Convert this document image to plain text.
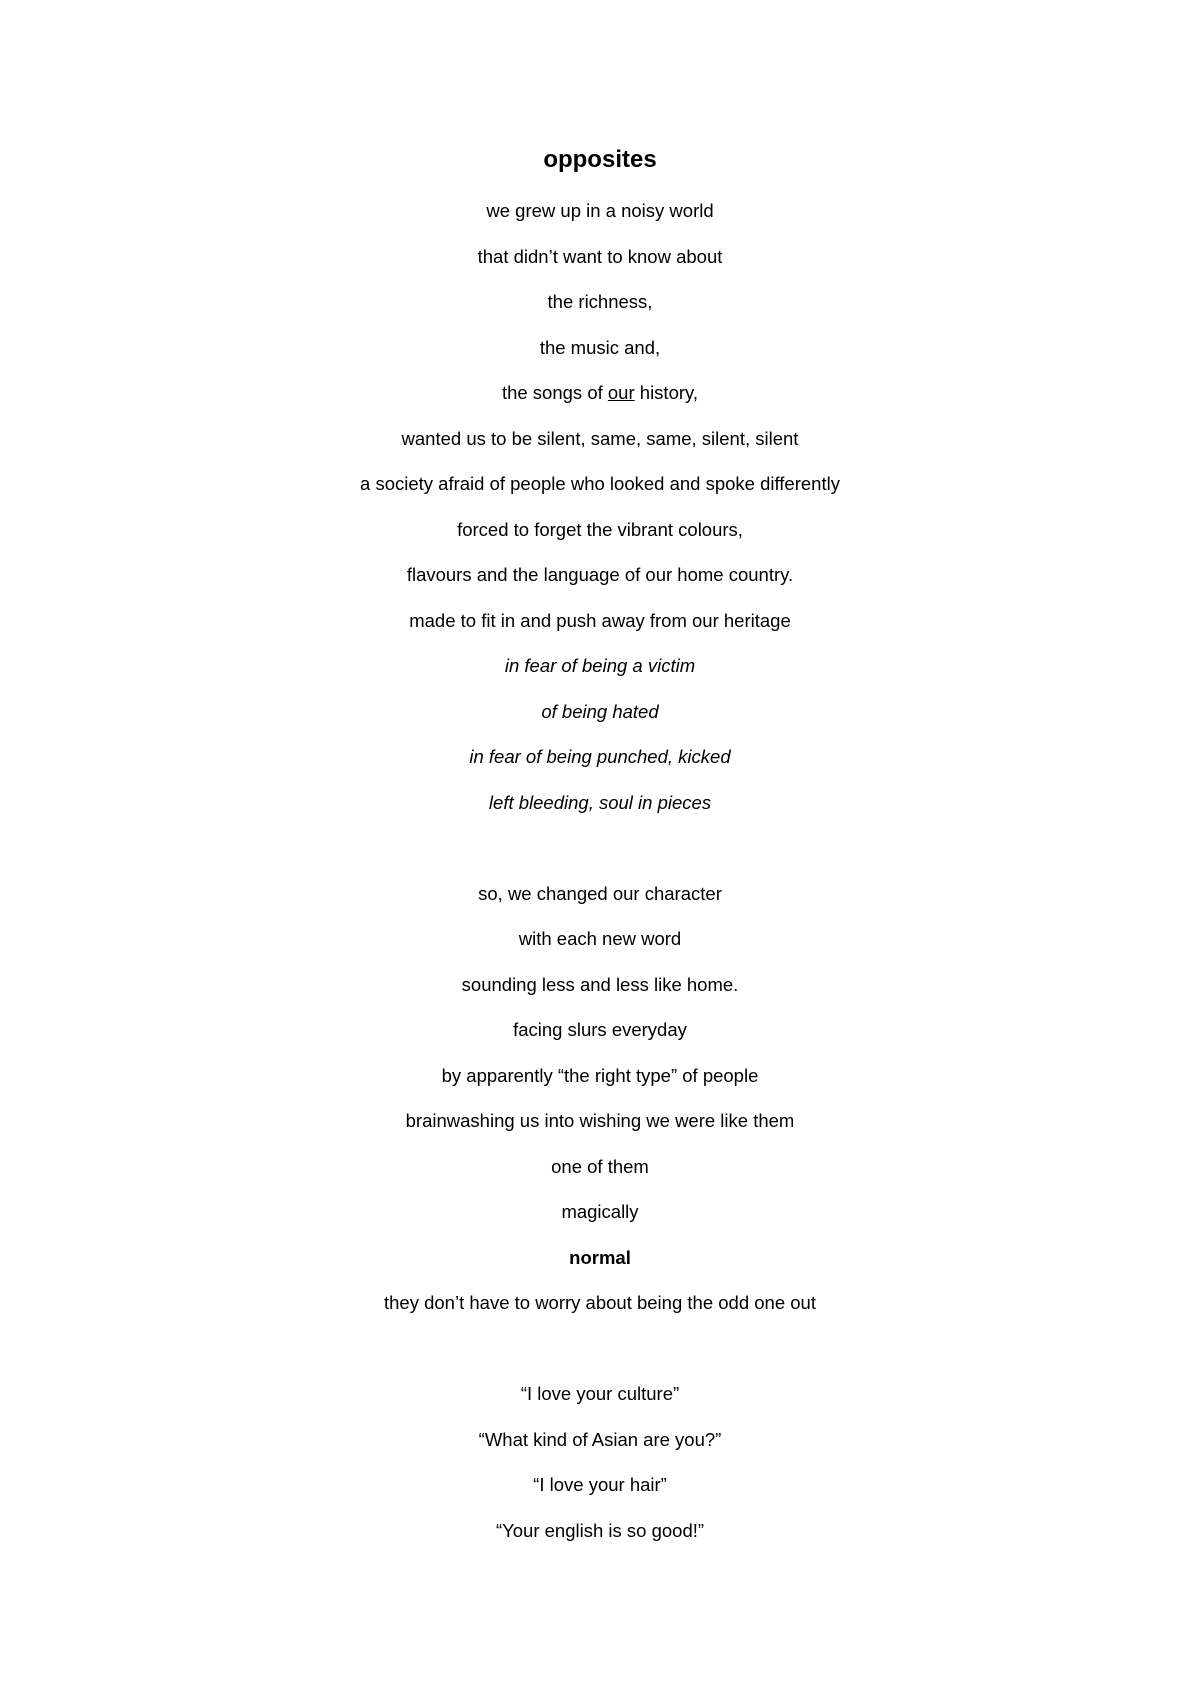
opposites
we grew up in a noisy world
that didn’t want to know about
the richness,
the music and,
the songs of our history,
wanted us to be silent, same, same, silent, silent
a society afraid of people who looked and spoke differently
forced to forget the vibrant colours,
flavours and the language of our home country.
made to fit in and push away from our heritage
in fear of being a victim
of being hated
in fear of being punched, kicked
left bleeding, soul in pieces
so, we changed our character
with each new word
sounding less and less like home.
facing slurs everyday
by apparently “the right type” of people
brainwashing us into wishing we were like them
one of them
magically
normal
they don’t have to worry about being the odd one out
“I love your culture”
“What kind of Asian are you?”
“I love your hair”
“Your english is so good!”
